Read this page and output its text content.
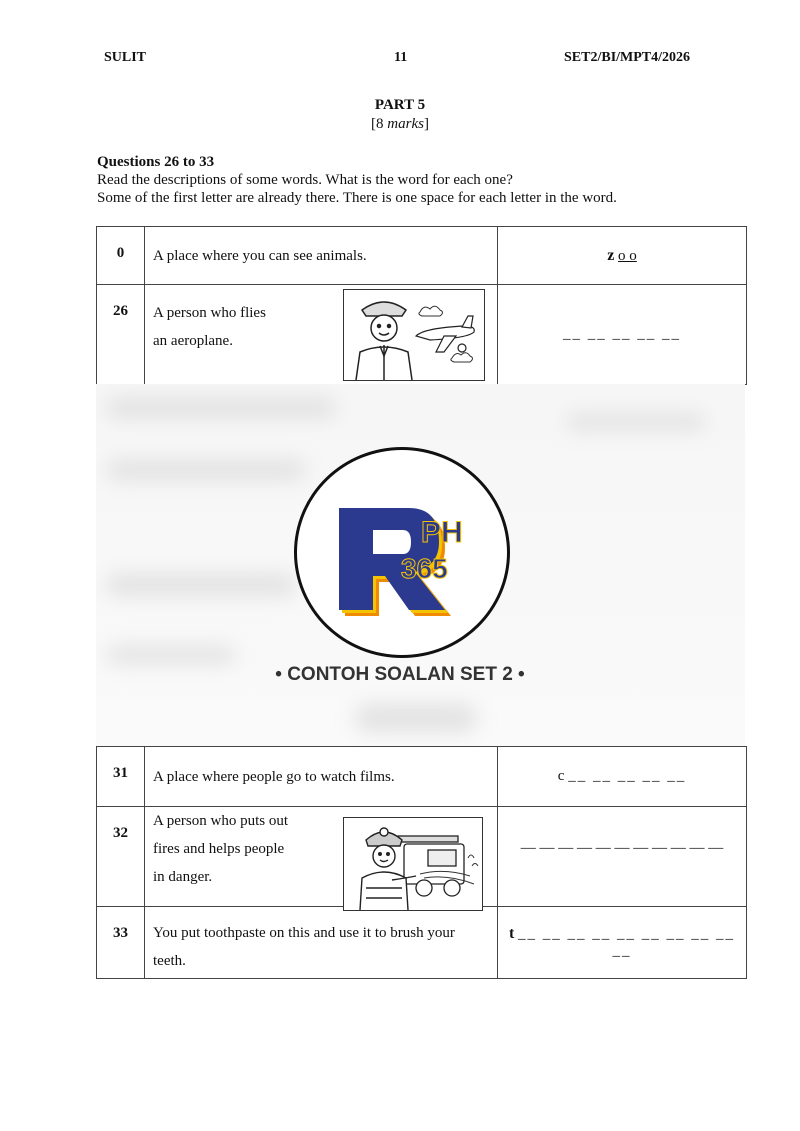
SULIT	11	SET2/BI/MPT4/2026
PART 5
[8 marks]
Questions 26 to 33
Read the descriptions of some words. What is the word for each one?
Some of the first letter are already there. There is one space for each letter in the word.
0	A place where you can see animals.	z o o
26	A person who flies
an aeroplane.	__ __ __ __ __
PH
365
• CONTOH SOALAN SET 2 •
31	A place where people go to watch films.	c __ __ __ __ __

32	A person who puts out
fires and helps people
in danger.	__ __ __ __ __ __ __ __ __ __ __
33	You put toothpaste on this and use it to brush your
teeth.	t __ __ __ __ __ __ __ __ __ __
